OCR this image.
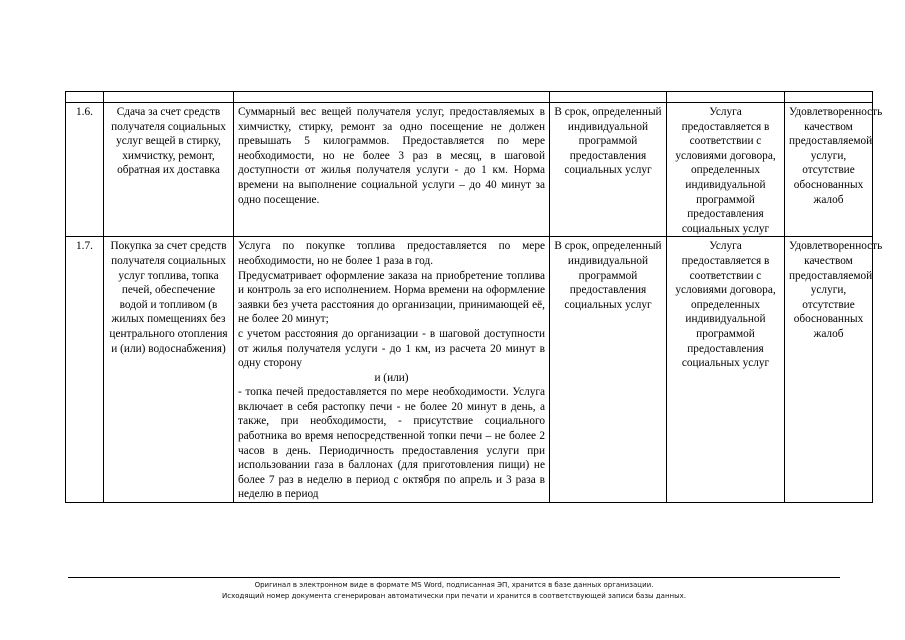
1.6.	Сдача за счет средств получателя социальных услуг вещей в стирку, химчистку, ремонт, обратная их доставка	Суммарный вес вещей получателя услуг, предоставляемых в химчистку, стирку, ремонт за одно посещение не должен превышать 5 килограммов. Предоставляется по мере необходимости, но не более 3 раз в месяц, в шаговой доступности от жилья получателя услуги - до 1 км. Норма времени на выполнение социальной услуги – до 40 минут за одно посещение.	В срок, определенный индивидуальной программой предоставления социальных услуг	Услуга предоставляется в соответствии с условиями договора, определенных индивидуальной программой предоставления социальных услуг	Удовлетворенность качеством предоставляемой услуги, отсутствие обоснованных жалоб
1.7.	Покупка за счет средств получателя социальных услуг топлива, топка печей, обеспечение водой и топливом (в жилых помещениях без центрального отопления и (или) водоснабжения)	Услуга по покупке топлива предоставляется по мере необходимости, но не более 1 раза в год.
Предусматривает оформление заказа на приобретение топлива и контроль за его исполнением. Норма времени на оформление заявки без учета расстояния до организации, принимающей её, не более 20 минут;
с учетом расстояния до организации - в шаговой доступности от жилья получателя услуги - до 1 км, из расчета 20 минут в одну сторону
и (или)
- топка печей предоставляется по мере необходимости. Услуга включает в себя растопку печи - не более 20 минут в день, а также, при необходимости, - присутствие социального работника во время непосредственной топки печи – не более 2 часов в день. Периодичность предоставления услуги при использовании газа в баллонах (для приготовления пищи) не более 7 раз в неделю в период с октября по апрель и 3 раза в неделю в период	В срок, определенный индивидуальной программой предоставления социальных услуг	Услуга предоставляется в соответствии с условиями договора, определенных индивидуальной программой предоставления социальных услуг	Удовлетворенность качеством предоставляемой услуги, отсутствие обоснованных жалоб
Оригинал в электронном виде в формате MS Word, подписанная ЭП, хранится в базе данных организации.
Исходящий номер документа сгенерирован автоматически при печати и хранится в соответствующей записи базы данных.
